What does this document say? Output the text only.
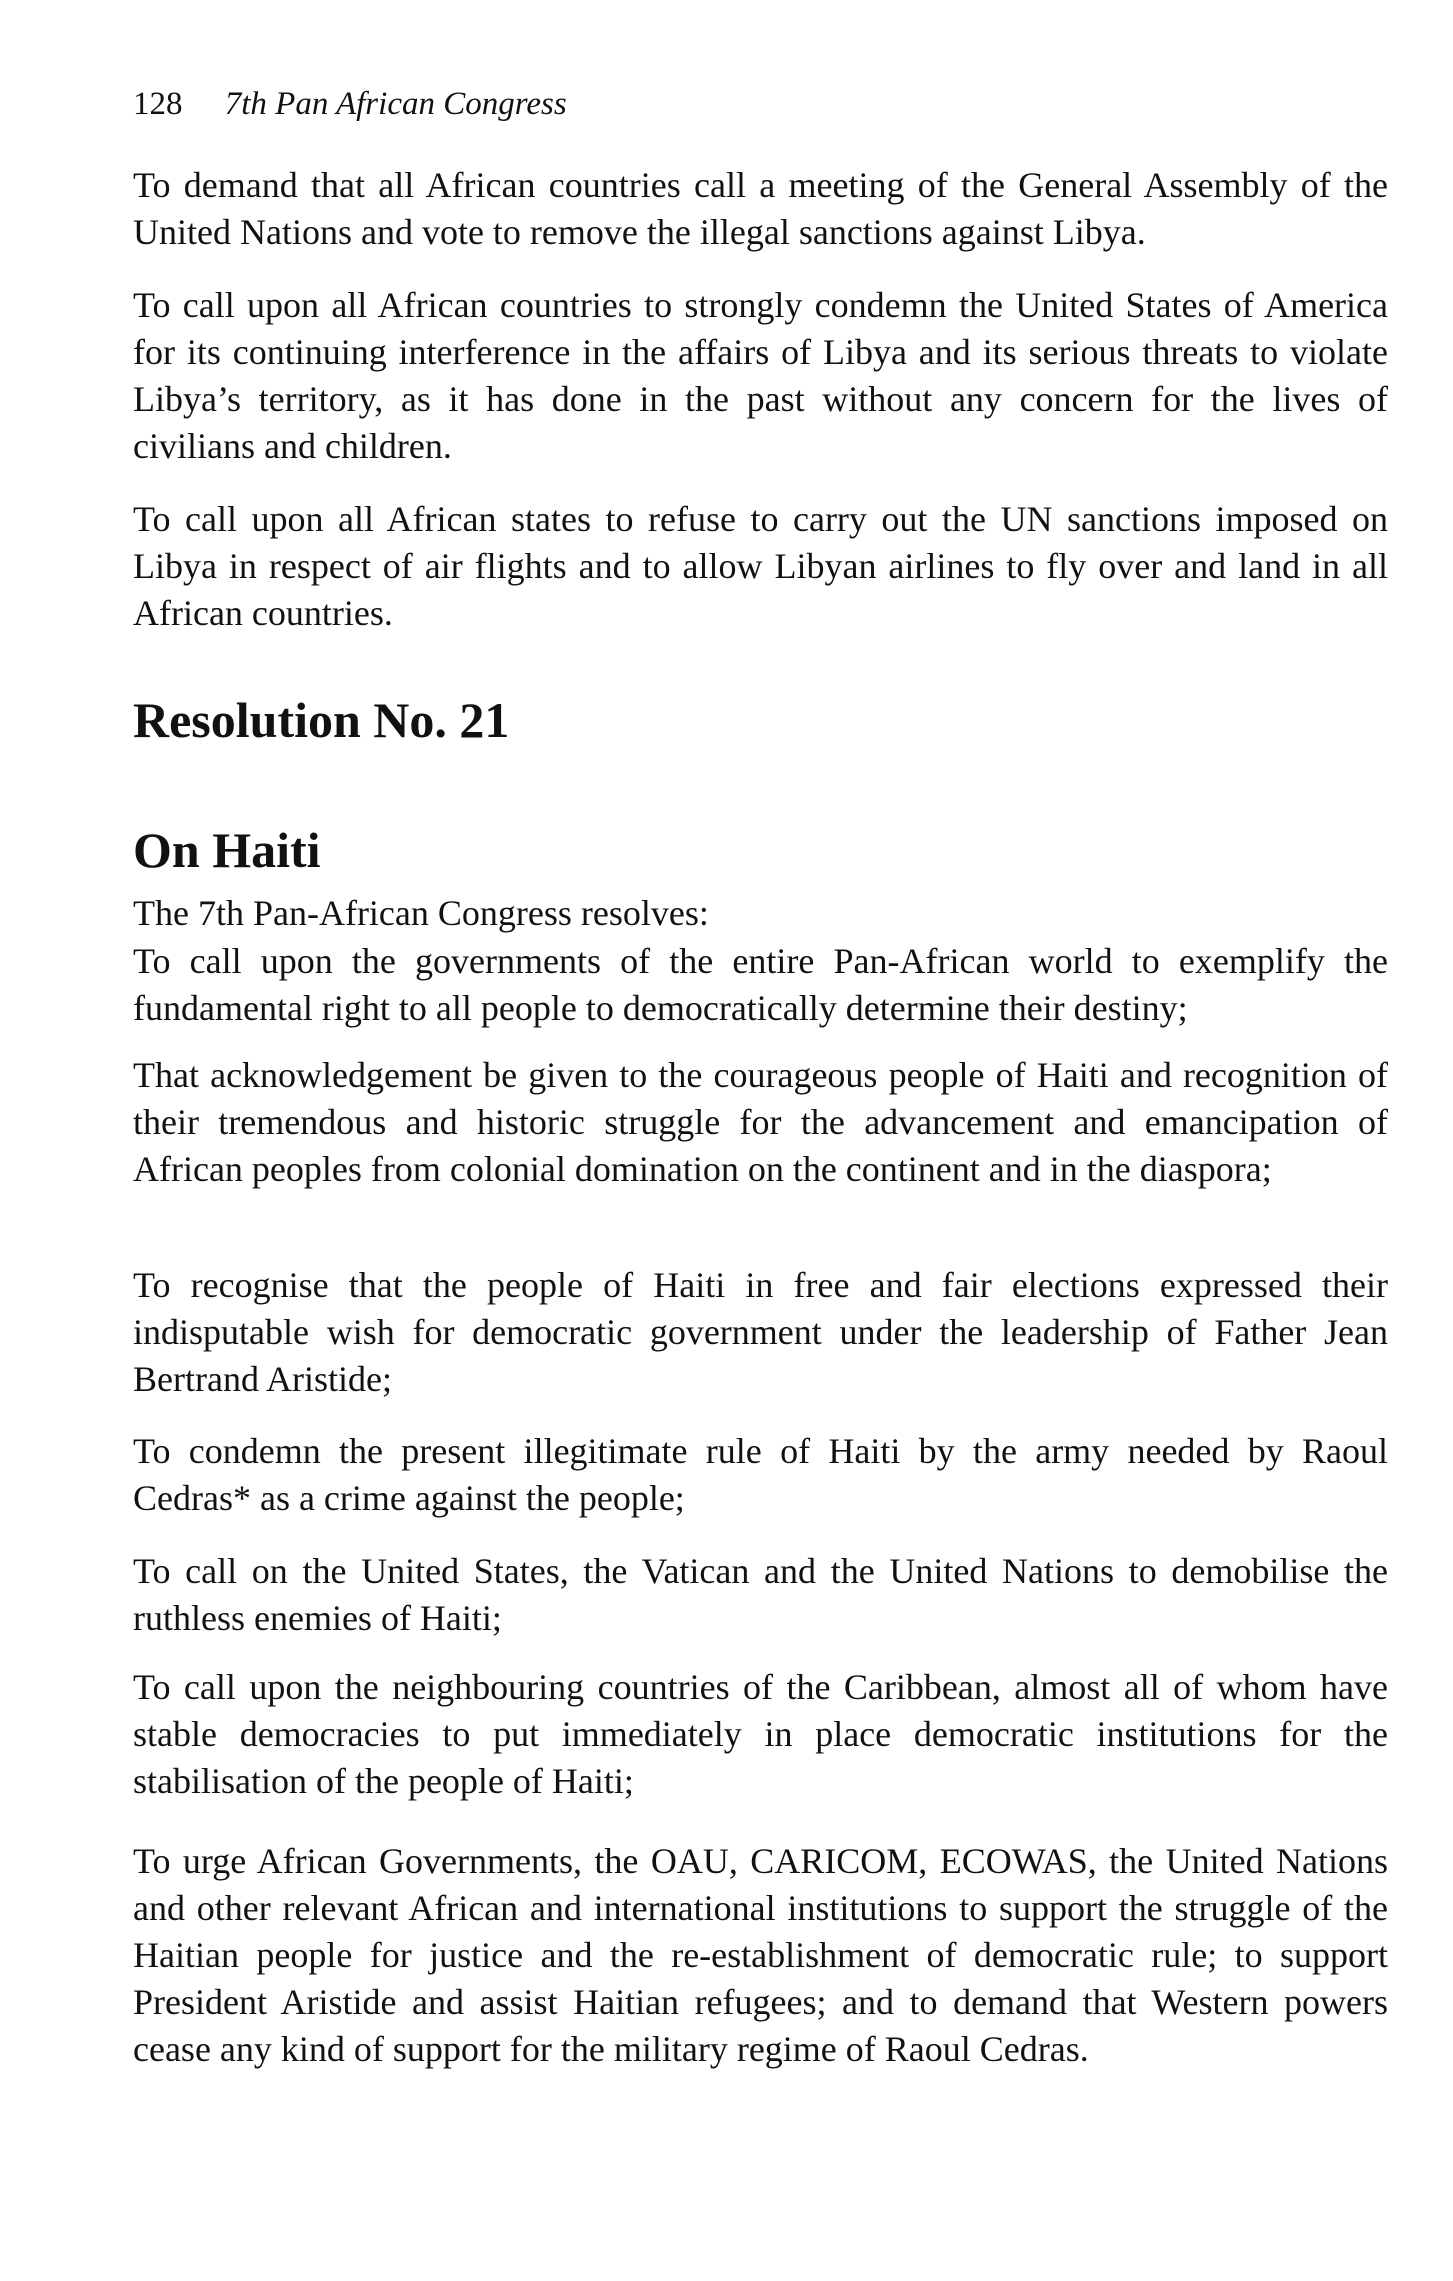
128 7th Pan African Congress

To demand that all African countries call a meeting of the General Assembly of the United Nations and vote to remove the illegal sanctions against Libya.

To call upon all African countries to strongly condemn the United States of America for its continuing interference in the affairs of Libya and its serious threats to violate Libya’s territory, as it has done in the past without any concern for the lives of civilians and children.

To call upon all African states to refuse to carry out the UN sanctions imposed on Libya in respect of air flights and to allow Libyan airlines to fly over and land in all African countries.

Resolution No. 21
On Haiti

The 7th Pan-African Congress resolves:

To call upon the governments of the entire Pan-African world to exemplify the fundamental right to all people to democratically determine their destiny;

That acknowledgement be given to the courageous people of Haiti and recognition of their tremendous and historic struggle for the advancement and emancipation of African peoples from colonial domination on the continent and in the diaspora;

To recognise that the people of Haiti in free and fair elections expressed their indisputable wish for democratic government under the leadership of Father Jean Bertrand Aristide;

To condemn the present illegitimate rule of Haiti by the army needed by Raoul Cedras* as a crime against the people;

To call on the United States, the Vatican and the United Nations to demobilise the ruthless enemies of Haiti;

To call upon the neighbouring countries of the Caribbean, almost all of whom have stable democracies to put immediately in place democratic institutions for the stabilisation of the people of Haiti;

To urge African Governments, the OAU, CARICOM, ECOWAS, the United Nations and other relevant African and international institutions to support the struggle of the Haitian people for justice and the re-establishment of democratic rule; to support President Aristide and assist Haitian refugees; and to demand that Western powers cease any kind of support for the military regime of Raoul Cedras.
